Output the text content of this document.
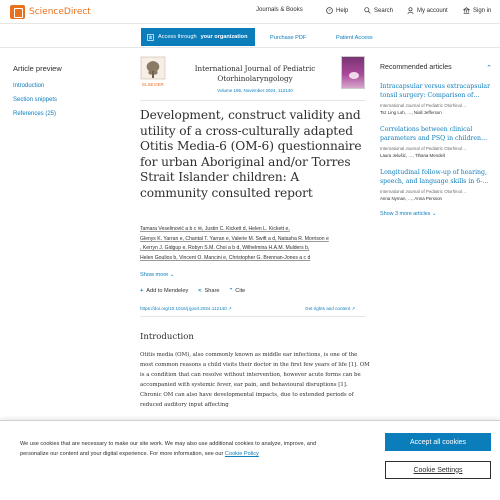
ScienceDirect	Journals & Books	? Help	Search	My account	Sign in
Access through your organization	Purchase PDF	Patient Access
Article preview
Introduction
Section snippets
References (25)
ELSEVIER
International Journal of Pediatric Otorhinolaryngology
Volume 186, November 2024, 112140
Development, construct validity and utility of a cross-culturally adapted Otitis Media-6 (OM-6) questionnaire for urban Aboriginal and/or Torres Strait Islander children: A community consulted report
Tamara Veselinović a b c ✉, Justin C. Kickett d, Helen L. Kickett e,
Glenys K. Yarran e, Chantal T. Yarran e, Valerie M. Swift a d, Natasha R. Morrison e
, Kerryn J. Gidgup e, Robyn S.M. Choi a b d, Wilhelmina H.A.M. Mulders b,
Helen Goulios b, Vincent O. Mancini e, Christopher G. Brennan-Jones a c d
Show more ⌄
+ Add to Mendeley < Share ” Cite
https://doi.org/10.1016/j.ijporl.2024.112140 ↗	Get rights and content ↗
Introduction

Otitis media (OM), also commonly known as middle ear infections, is one of the most common reasons a child visits their doctor in the first few years of life [1]. OM is a condition that can resolve without intervention, however acute forms can be accompanied with systemic fever, ear pain, and behavioural disruptions [1]. Chronic OM can also have developmental impacts, due to extended periods of reduced auditory input affecting

Recommended articles	⌃
Intracapsular versus extracapsular tonsil surgery: Comparison of…
International Journal of Pediatric Otorhinol…
Tsz Ling Loh, …, Niall Jefferson
Correlations between clinical parameters and PSQ in children…
International Journal of Pediatric Otorhinol…
Laura Jelušić, …, Tihana Mendeš
Longitudinal follow-up of hearing, speech, and language skills in 6-…
International Journal of Pediatric Otorhinol…
Anna Nyman, …, Anna Persson
Show 3 more articles ⌄
We use cookies that are necessary to make our site work. We may also use additional cookies to analyze, improve, and personalize our content and your digital experience. For more information, see our Cookie Policy
Accept all cookies
Cookie Settings
